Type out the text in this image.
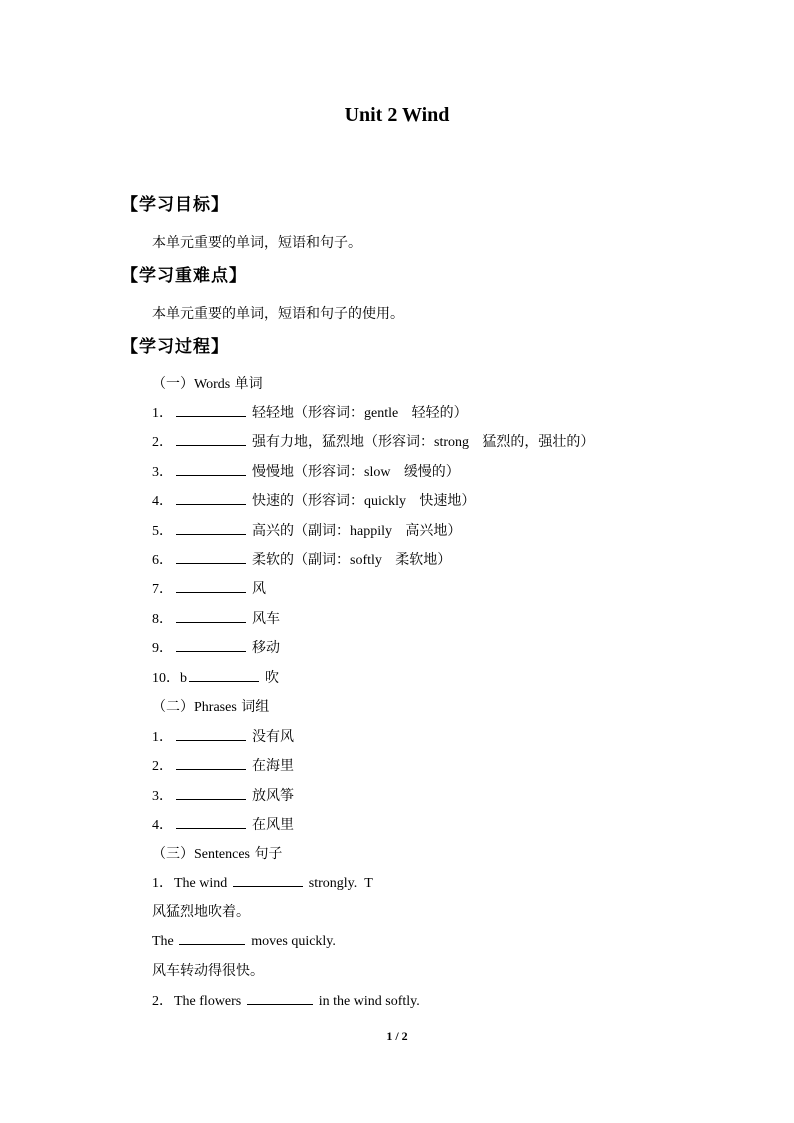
Unit 2 Wind
【学习目标】
本单元重要的单词，短语和句子。
【学习重难点】
本单元重要的单词，短语和句子的使用。
【学习过程】
（一）Words 单词
1．	轻轻地（形容词：gentle 轻轻的）
2．	强有力地，猛烈地（形容词：strong 猛烈的，强壮的）
3．	慢慢地（形容词：slow 缓慢的）
4．	快速的（形容词：quickly 快速地）
5．	高兴的（副词：happily 高兴地）
6．	柔软的（副词：softly 柔软地）
7．	风
8．	风车
9．	移动
10．b	吹
（二）Phrases 词组
1．	没有风
2．	在海里
3．	放风筝
4．	在风里
（三）Sentences 句子
1．The wind	strongly. T
风猛烈地吹着。
The	moves quickly.
风车转动得很快。
2．The flowers	in the wind softly.
1 / 2
